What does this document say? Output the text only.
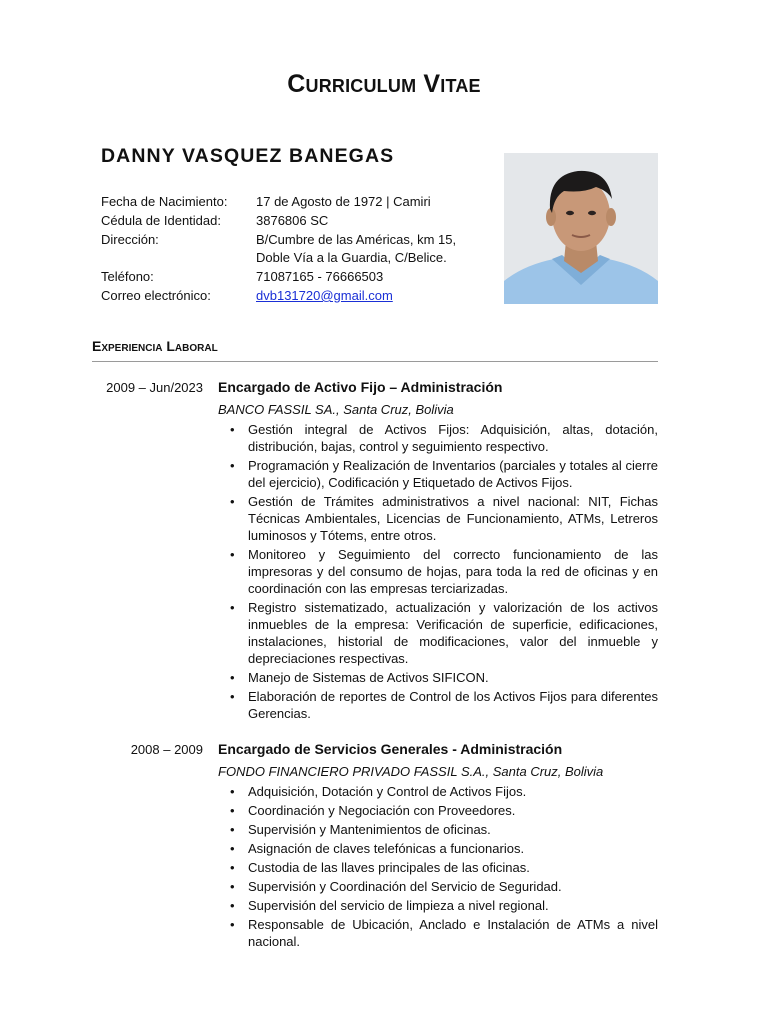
Curriculum Vitae
DANNY VASQUEZ BANEGAS
Fecha de Nacimiento:	17 de Agosto de 1972 | Camiri
Cédula de Identidad:	3876806 SC
Dirección:	B/Cumbre de las Américas, km 15,
Doble Vía a la Guardia, C/Belice.
Teléfono:	71087165 - 76666503
Correo electrónico:	dvb131720@gmail.com
Experiencia Laboral
2009 – Jun/2023 Encargado de Activo Fijo – Administración
BANCO FASSIL SA., Santa Cruz, Bolivia
• Gestión integral de Activos Fijos: Adquisición, altas, dotación, distribución, bajas, control y seguimiento respectivo.
• Programación y Realización de Inventarios (parciales y totales al cierre del ejercicio), Codificación y Etiquetado de Activos Fijos.
• Gestión de Trámites administrativos a nivel nacional: NIT, Fichas Técnicas Ambientales, Licencias de Funcionamiento, ATMs, Letreros luminosos y Tótems, entre otros.
• Monitoreo y Seguimiento del correcto funcionamiento de las impresoras y del consumo de hojas, para toda la red de oficinas y en coordinación con las empresas terciarizadas.
• Registro sistematizado, actualización y valorización de los activos inmuebles de la empresa: Verificación de superficie, edificaciones, instalaciones, historial de modificaciones, valor del inmueble y depreciaciones respectivas.
• Manejo de Sistemas de Activos SIFICON.
• Elaboración de reportes de Control de los Activos Fijos para diferentes Gerencias.
2008 – 2009 Encargado de Servicios Generales - Administración
FONDO FINANCIERO PRIVADO FASSIL S.A., Santa Cruz, Bolivia
• Adquisición, Dotación y Control de Activos Fijos.
• Coordinación y Negociación con Proveedores.
• Supervisión y Mantenimientos de oficinas.
• Asignación de claves telefónicas a funcionarios.
• Custodia de las llaves principales de las oficinas.
• Supervisión y Coordinación del Servicio de Seguridad.
• Supervisión del servicio de limpieza a nivel regional.
• Responsable de Ubicación, Anclado e Instalación de ATMs a nivel nacional.
